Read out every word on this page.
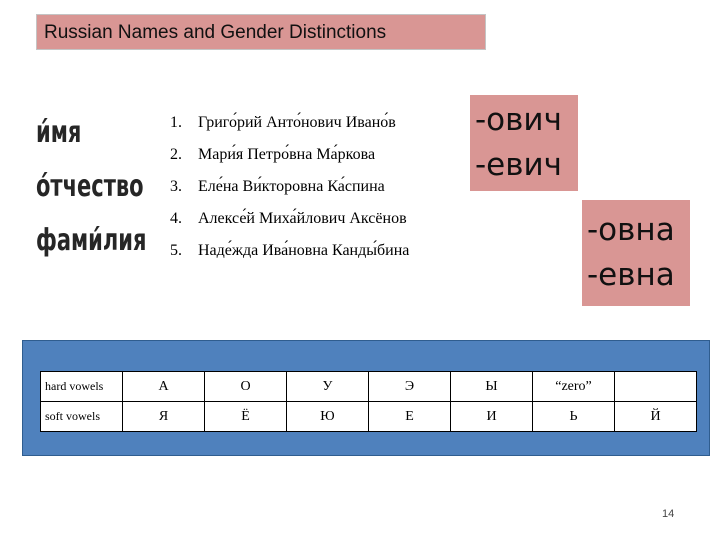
Russian Names and Gender Distinctions
и́мя
о́тчество
фами́лия
1. Григо́рий Анто́нович Ивано́в
2. Мари́я Петро́вна Ма́ркова
3. Еле́на Ви́кторовна Ка́спина
4. Алексе́й Миха́йлович Аксёнов
5. Наде́жда Ива́новна Канды́бина
-ович
-евич
-овна
-евна
hard vowels	А	О	У	Э	Ы	“zero”	
soft vowels	Я	Ё	Ю	Е	И	Ь	Й
14
